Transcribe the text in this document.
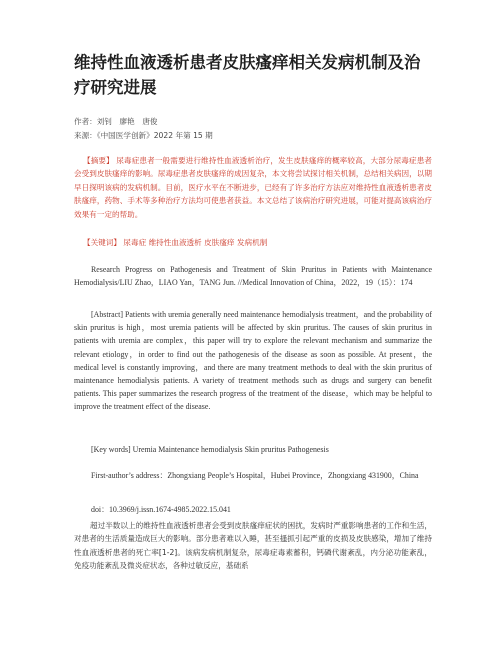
维持性血液透析患者皮肤瘙痒相关发病机制及治疗研究进展
作者：刘钊　廖艳　唐俊
来源：《中国医学创新》2022 年第 15 期
【摘要】 尿毒症患者一般需要进行维持性血液透析治疗，发生皮肤瘙痒的概率较高，大部分尿毒症患者会受到皮肤瘙痒的影响。尿毒症患者皮肤瘙痒的成因复杂，本文将尝试探讨相关机制，总结相关病因，以期早日探明该病的发病机制。目前，医疗水平在不断进步，已经有了许多治疗方法应对维持性血液透析患者皮肤瘙痒，药物、手术等多种治疗方法均可使患者获益。本文总结了该病治疗研究进展，可能对提高该病治疗效果有一定的帮助。
【关键词】 尿毒症 维持性血液透析 皮肤瘙痒 发病机制
Research Progress on Pathogenesis and Treatment of Skin Pruritus in Patients with Maintenance Hemodialysis/LIU Zhao，LIAO Yan，TANG Jun. //Medical Innovation of China，2022，19（15）：174
[Abstract] Patients with uremia generally need maintenance hemodialysis treatment，and the probability of skin pruritus is high，most uremia patients will be affected by skin pruritus. The causes of skin pruritus in patients with uremia are complex，this paper will try to explore the relevant mechanism and summarize the relevant etiology，in order to find out the pathogenesis of the disease as soon as possible. At present，the medical level is constantly improving，and there are many treatment methods to deal with the skin pruritus of maintenance hemodialysis patients. A variety of treatment methods such as drugs and surgery can benefit patients. This paper summarizes the research progress of the treatment of the disease，which may be helpful to improve the treatment effect of the disease.
[Key words] Uremia Maintenance hemodialysis Skin pruritus Pathogenesis
First-author’s address：Zhongxiang People’s Hospital，Hubei Province，Zhongxiang 431900，China
doi：10.3969/j.issn.1674-4985.2022.15.041
超过半数以上的维持性血液透析患者会受到皮肤瘙痒症状的困扰，发病时严重影响患者的工作和生活，对患者的生活质量造成巨大的影响。部分患者难以入睡，甚至搔抓引起严重的皮损及皮肤感染，增加了维持性血液透析患者的死亡率[1-2]。该病发病机制复杂，尿毒症毒素蓄积，钙磷代谢紊乱，内分泌功能紊乱，免疫功能紊乱及微炎症状态，各种过敏反应，基础系
